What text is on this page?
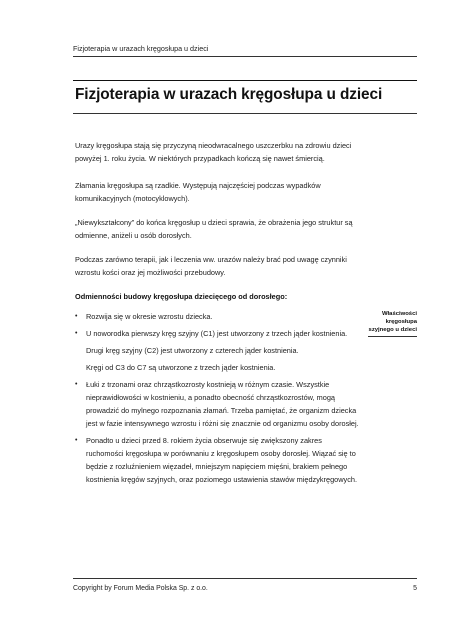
Fizjoterapia w urazach kręgosłupa u dzieci
Fizjoterapia w urazach kręgosłupa u dzieci

Urazy kręgosłupa stają się przyczyną nieodwracalnego uszczerbku na zdrowiu dzieci powyżej 1. roku życia. W niektórych przypadkach kończą się nawet śmiercią.

Złamania kręgosłupa są rzadkie. Występują najczęściej podczas wypadków komunikacyjnych (motocyklowych).

„Niewykształcony” do końca kręgosłup u dzieci sprawia, że obrażenia jego struktur są odmienne, aniżeli u osób dorosłych.

Podczas zarówno terapii, jak i leczenia ww. urazów należy brać pod uwagę czynniki wzrostu kości oraz jej możliwości przebudowy.

Odmienności budowy kręgosłupa dziecięcego od dorosłego:
• Rozwija się w okresie wzrostu dziecka.
• U noworodka pierwszy kręg szyjny (C1) jest utworzony z trzech jąder kostnienia.
Drugi kręg szyjny (C2) jest utworzony z czterech jąder kostnienia.
Kręgi od C3 do C7 są utworzone z trzech jąder kostnienia.
• Łuki z trzonami oraz chrząstkozrosty kostnieją w różnym czasie. Wszystkie nieprawidłowości w kostnieniu, a ponadto obecność chrząstkozrostów, mogą prowadzić do mylnego rozpoznania złamań. Trzeba pamiętać, że organizm dziecka jest w fazie intensywnego wzrostu i różni się znacznie od organizmu osoby dorosłej.
• Ponadto u dzieci przed 8. rokiem życia obserwuje się zwiększony zakres ruchomości kręgosłupa w porównaniu z kręgosłupem osoby dorosłej. Wiązać się to będzie z rozluźnieniem więzadeł, mniejszym napięciem mięśni, brakiem pełnego kostnienia kręgów szyjnych, oraz poziomego ustawienia stawów międzykręgowych.
Właściwości
kręgosłupa
szyjnego u dzieci
Copyright by Forum Media Polska Sp. z o.o.	5
